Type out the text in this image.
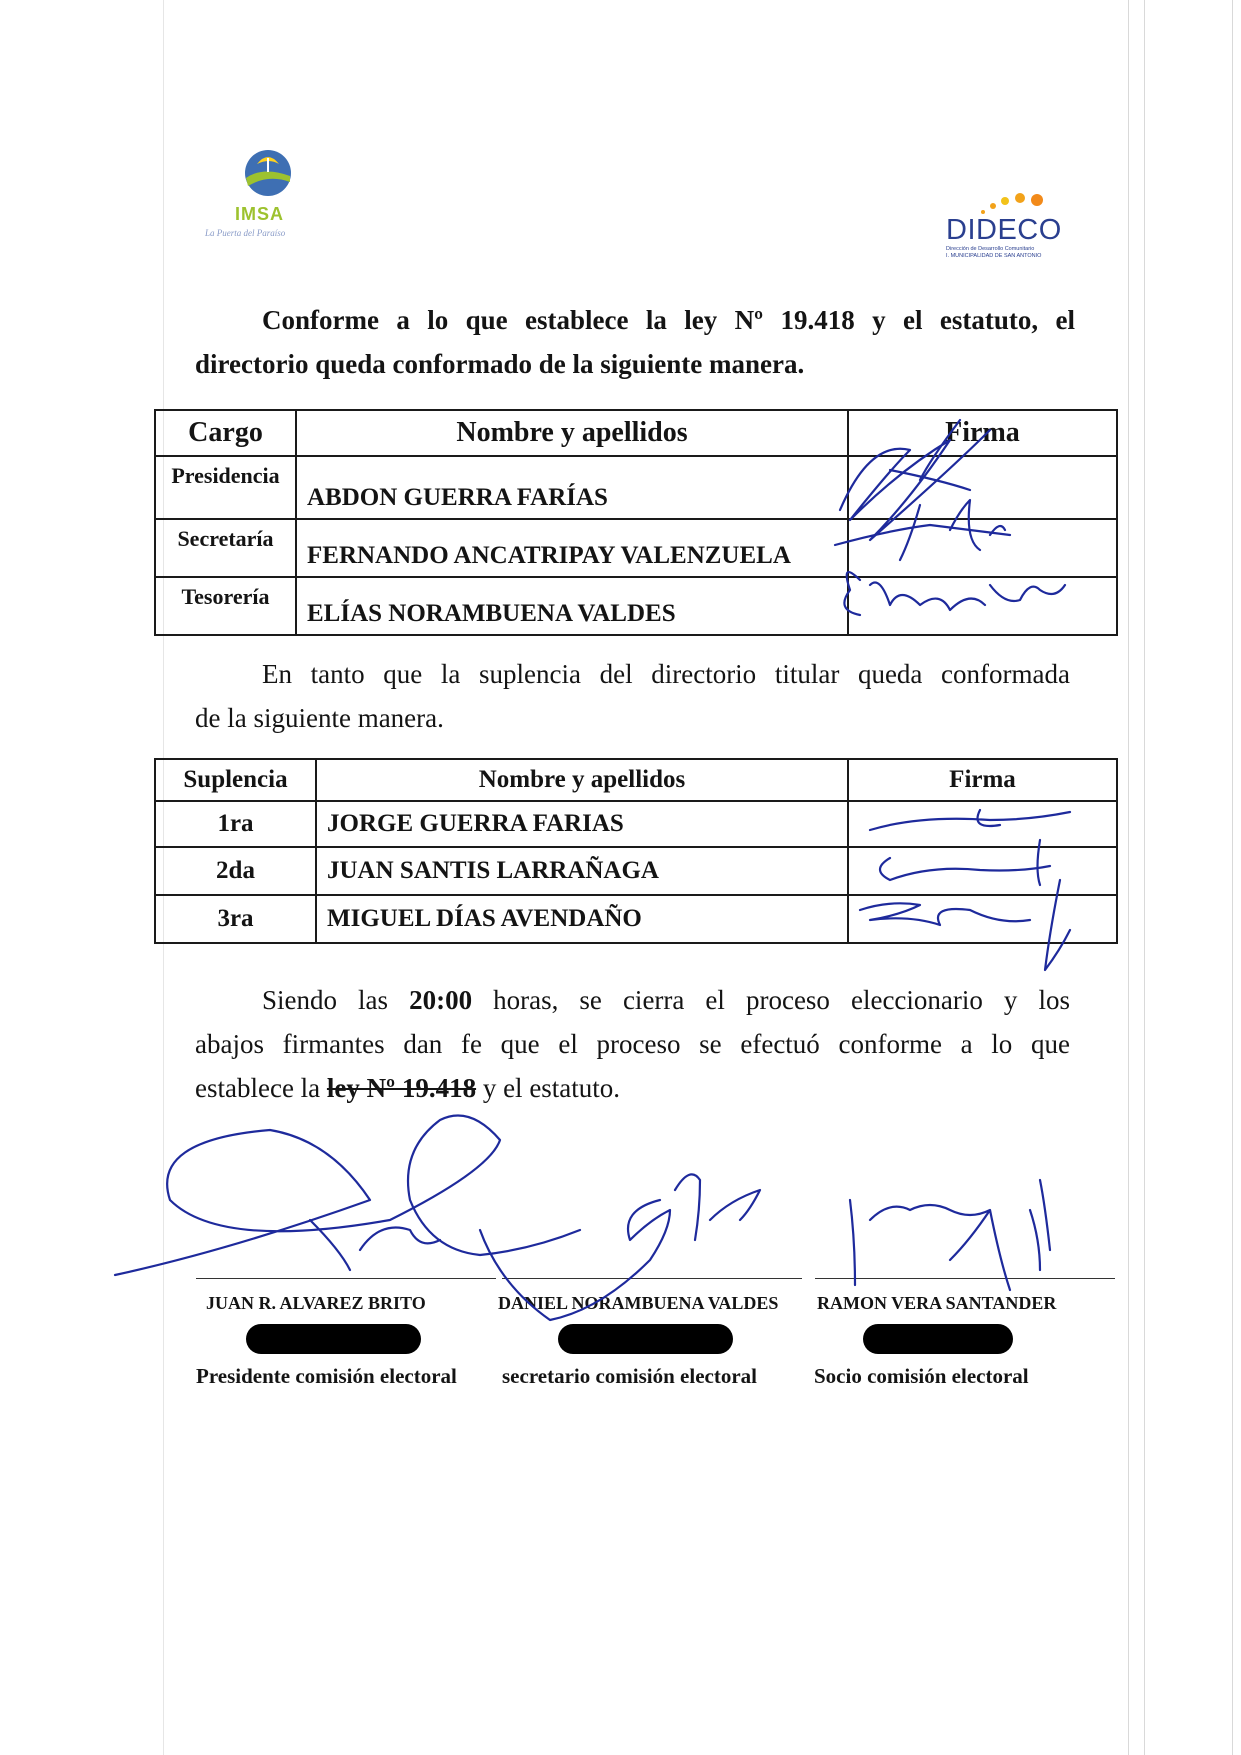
IMSA
La Puerta del Paraíso	DIDECO
Dirección de Desarrollo Comunitario
I. MUNICIPALIDAD DE SAN ANTONIO
Conforme a lo que establece la ley Nº 19.418 y el estatuto, el
directorio queda conformado de la siguiente manera.
Cargo	Nombre y apellidos	Firma
Presidencia	ABDON GUERRA FARÍAS	
Secretaría	FERNANDO ANCATRIPAY VALENZUELA	
Tesorería	ELÍAS NORAMBUENA VALDES	
En tanto que la suplencia del directorio titular queda conformada
de la siguiente manera.
Suplencia	Nombre y apellidos	Firma
1ra	JORGE GUERRA FARIAS	
2da	JUAN SANTIS LARRAÑAGA	
3ra	MIGUEL DÍAS AVENDAÑO	
Siendo las 20:00 horas, se cierra el proceso eleccionario y los
abajos firmantes dan fe que el proceso se efectuó conforme a lo que
establece la ley Nº 19.418 y el estatuto.
JUAN R. ALVAREZ BRITO
Presidente comisión electoral
DANIEL NORAMBUENA VALDES
secretario comisión electoral
RAMON VERA SANTANDER
Socio comisión electoral
